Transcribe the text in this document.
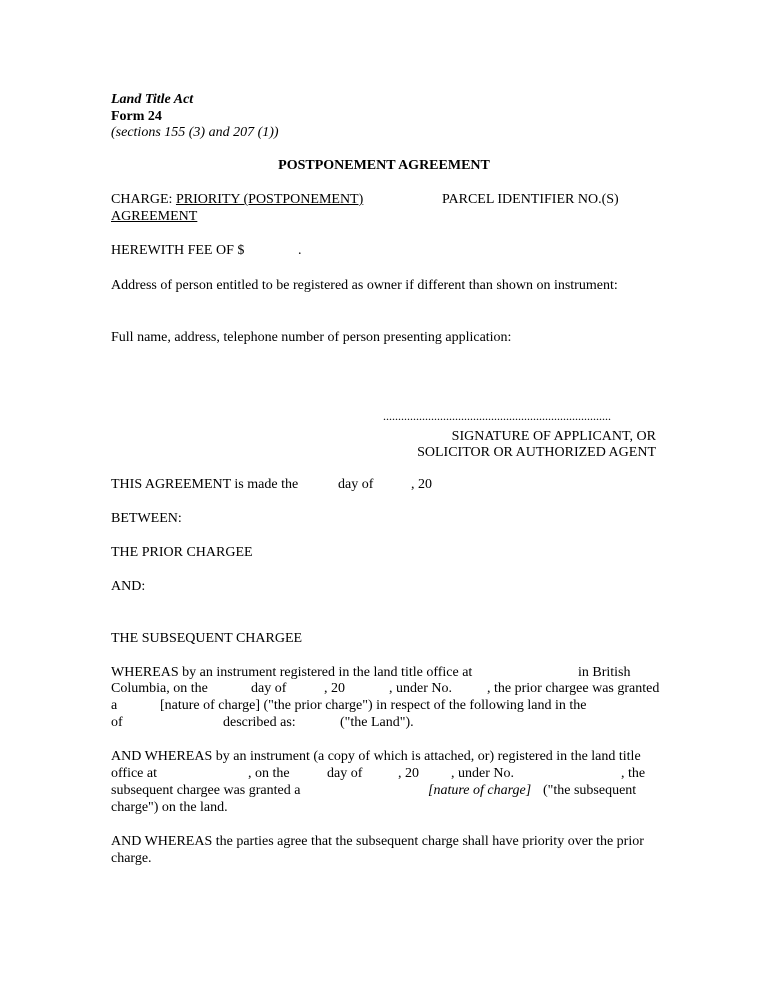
Land Title Act
Form 24
(sections 155 (3) and 207 (1))
POSTPONEMENT AGREEMENT
CHARGE: PRIORITY (POSTPONEMENT)
AGREEMENT
PARCEL IDENTIFIER NO.(S)
HEREWITH FEE OF $	.
Address of person entitled to be registered as owner if different than shown on instrument:
Full name, address, telephone number of person presenting application:
............................................................................
SIGNATURE OF APPLICANT, OR
SOLICITOR OR AUTHORIZED AGENT
THIS AGREEMENT is made the	day of	, 20
BETWEEN:
THE PRIOR CHARGEE
AND:
THE SUBSEQUENT CHARGEE
WHEREAS by an instrument registered in the land title office at	in British
Columbia, on the	day of	, 20	, under No.	, the prior chargee was granted
a	[nature of charge] ("the prior charge") in respect of the following land in the
of	described as:	("the Land").
AND WHEREAS by an instrument (a copy of which is attached, or) registered in the land title
office at	, on the	day of	, 20 , under No.	, the
subsequent chargee was granted a	[nature of charge] ("the subsequent
charge") on the land.
AND WHEREAS the parties agree that the subsequent charge shall have priority over the prior
charge.
